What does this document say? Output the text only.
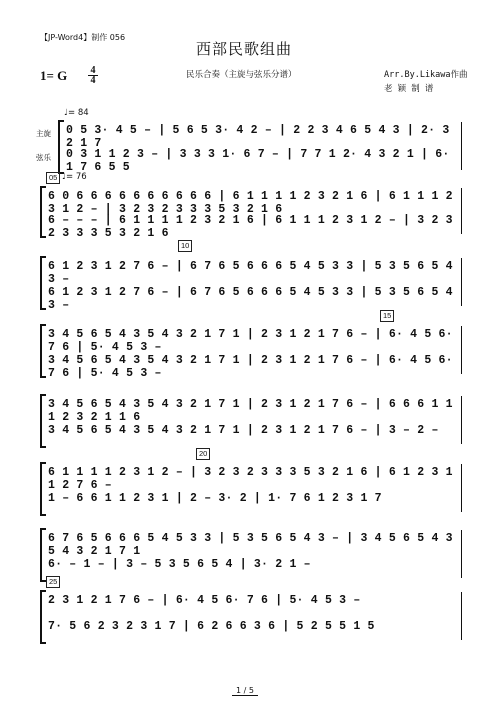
【JP-Word4】制作 056
西部民歌组曲
民乐合奏（主旋与弦乐分谱）	Arr.By.Likawa作曲
老 颖 制 谱
1= G $\frac{4}{4}$
♩= 84
主旋
弦乐
0 5 3· 4 5 – | 5 6 5 3· 4 2 – | 2 2 3 4 6 5 4 3 | 2· 3 2 1 7
0 3 1 1 2 3 – | 3 3 3 1· 6 7 – | 7 7 1 2· 4 3 2 1 | 6· 1 7 6 5 5
05 ♩= 76
6 0 6 6 6 6 6 6 6 6 6 6 | 6 1 1 1 1 2 3 2 1 6 | 6 1 1 1 2 3 1 2 – | 3 2 3 2 3 3 3 5 3 2 1 6
6 – – – | 6 1 1 1 1 2 3 2 1 6 | 6 1 1 1 2 3 1 2 – | 3 2 3 2 3 3 3 5 3 2 1 6
10
6 1 2 3 1 2 7 6 – | 6 7 6 5 6 6 6 5 4 5 3 3 | 5 3 5 6 5 4 3 –
6 1 2 3 1 2 7 6 – | 6 7 6 5 6 6 6 5 4 5 3 3 | 5 3 5 6 5 4 3 –
15
3 4 5 6 5 4 3 5 4 3 2 1 7 1 | 2 3 1 2 1 7 6 – | 6· 4 5 6· 7 6 | 5· 4 5 3 –
3 4 5 6 5 4 3 5 4 3 2 1 7 1 | 2 3 1 2 1 7 6 – | 6· 4 5 6· 7 6 | 5· 4 5 3 –
3 4 5 6 5 4 3 5 4 3 2 1 7 1 | 2 3 1 2 1 7 6 – | 6 6 6 1 1 1 2 3 2 1 1 6
3 4 5 6 5 4 3 5 4 3 2 1 7 1 | 2 3 1 2 1 7 6 – | 3 – 2 –
20
6 1 1 1 1 2 3 1 2 – | 3 2 3 2 3 3 3 5 3 2 1 6 | 6 1 2 3 1 1 2 7 6 –
1 – 6 6 1 1 2 3 1 | 2 – 3· 2 | 1· 7 6 1 2 3 1 7
6 7 6 5 6 6 6 5 4 5 3 3 | 5 3 5 6 5 4 3 – | 3 4 5 6 5 4 3 5 4 3 2 1 7 1
6· – 1 – | 3 – 5 3 5 6 5 4 | 3· 2 1 –
25
2 3 1 2 1 7 6 – | 6· 4 5 6· 7 6 | 5· 4 5 3 –
7· 5 6 2 3 2 3 1 7 | 6 2 6 6 3 6 | 5 2 5 5 1 5
1 / 5
